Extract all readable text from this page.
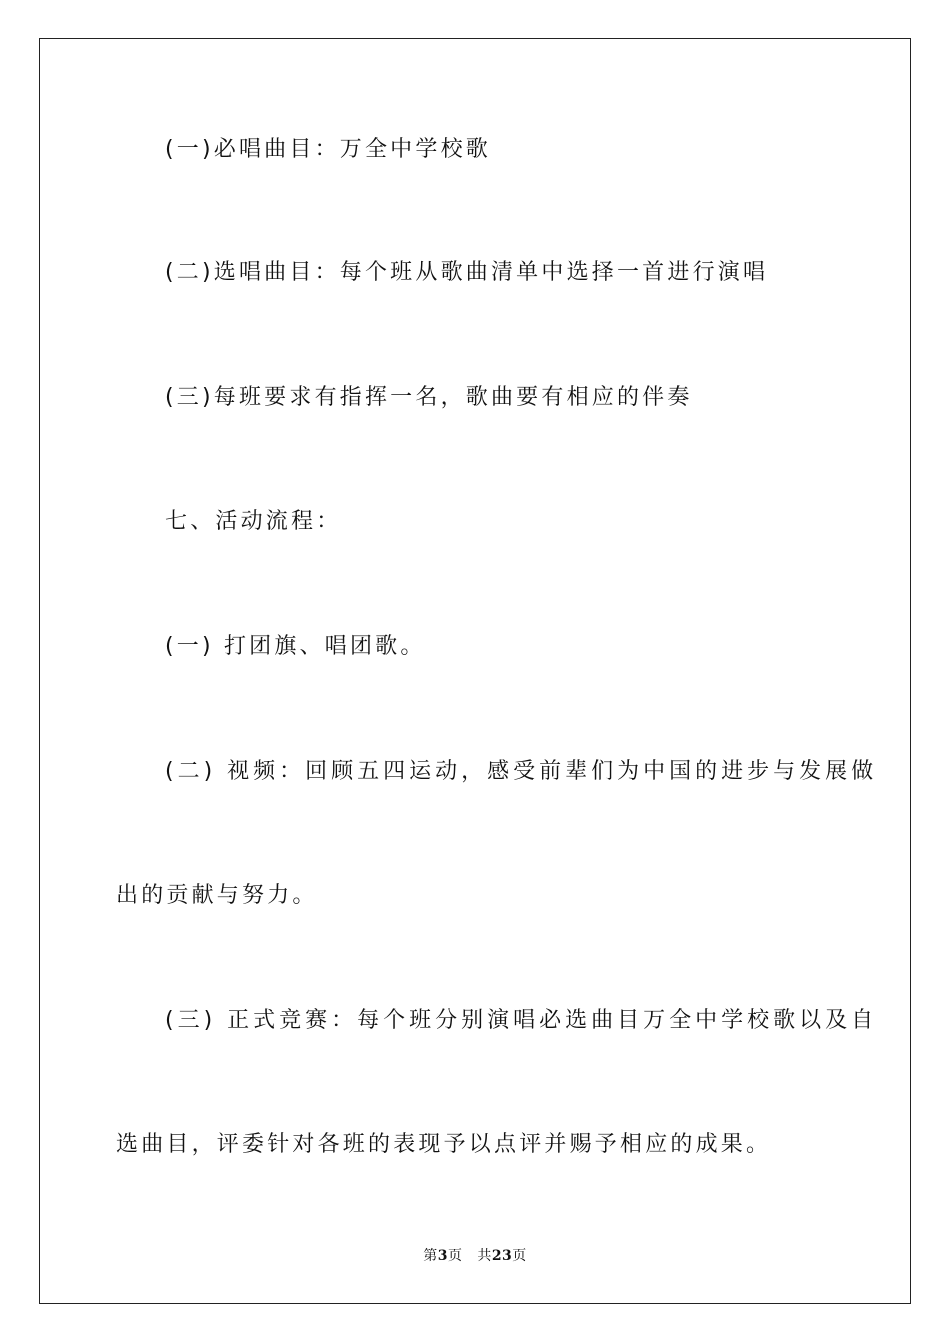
(一)必唱曲目：万全中学校歌
(二)选唱曲目：每个班从歌曲清单中选择一首进行演唱
(三)每班要求有指挥一名，歌曲要有相应的伴奏
七、活动流程：
(一) 打团旗、唱团歌。
(二) 视频：回顾五四运动，感受前辈们为中国的进步与发展做
出的贡献与努力。
(三) 正式竞赛：每个班分别演唱必选曲目万全中学校歌以及自
选曲目，评委针对各班的表现予以点评并赐予相应的成果。
第3页 共23页
